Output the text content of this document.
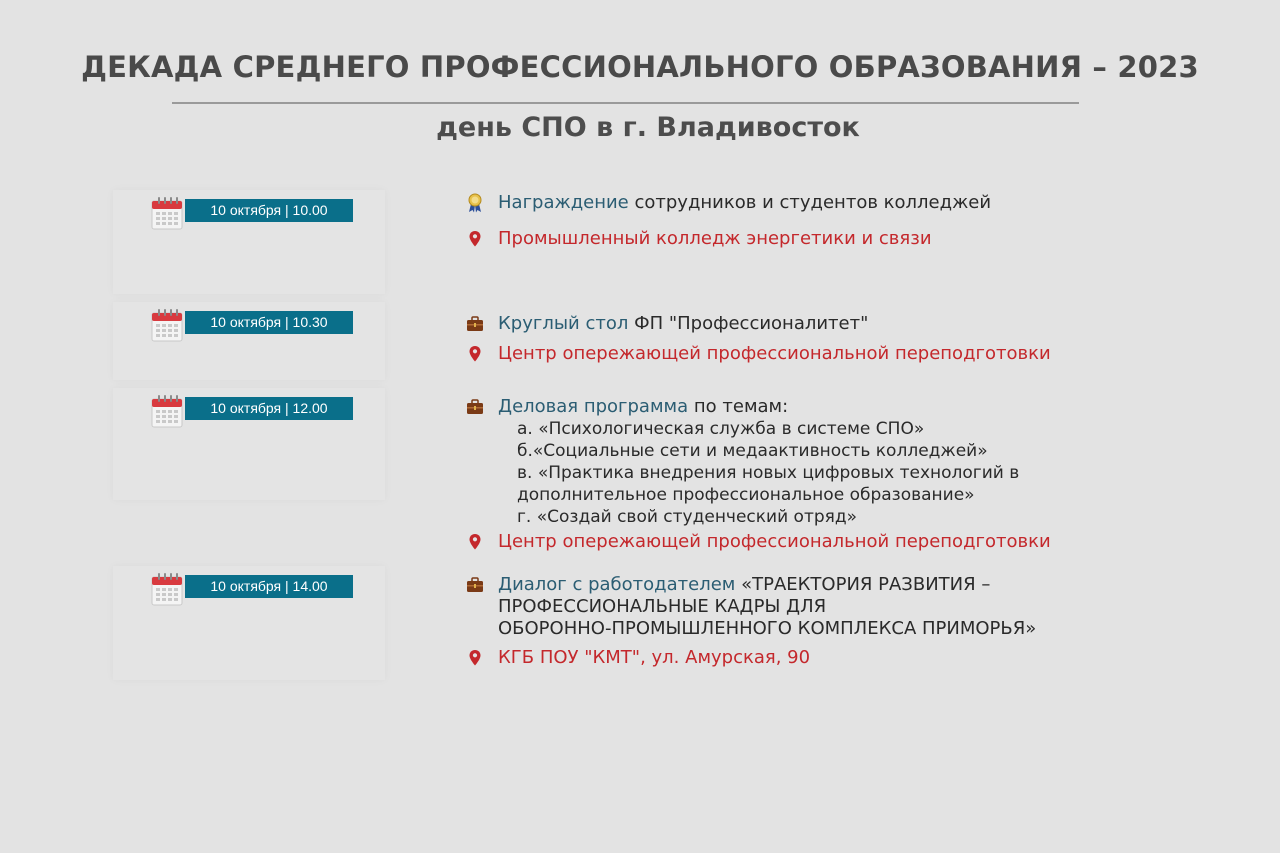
ДЕКАДА СРЕДНЕГО ПРОФЕССИОНАЛЬНОГО ОБРАЗОВАНИЯ – 2023
день СПО в г. Владивосток
10 октября | 10.00	Награждение сотрудников и студентов колледжей
Промышленный колледж энергетики и связи
10 октября | 10.30	Круглый стол ФП "Профессионалитет"
Центр опережающей профессиональной переподготовки
10 октября | 12.00	Деловая программа по темам:
а. «Психологическая служба в системе СПО»
б.«Социальные сети и медаактивность колледжей»
в. «Практика внедрения новых цифровых технологий в
дополнительное профессиональное образование»
г. «Создай свой студенческий отряд»
Центр опережающей профессиональной переподготовки
10 октября | 14.00	Диалог с работодателем «ТРАЕКТОРИЯ РАЗВИТИЯ –
ПРОФЕССИОНАЛЬНЫЕ КАДРЫ ДЛЯ
ОБОРОННО-ПРОМЫШЛЕННОГО КОМПЛЕКСА ПРИМОРЬЯ»
КГБ ПОУ "КМТ", ул. Амурская, 90
